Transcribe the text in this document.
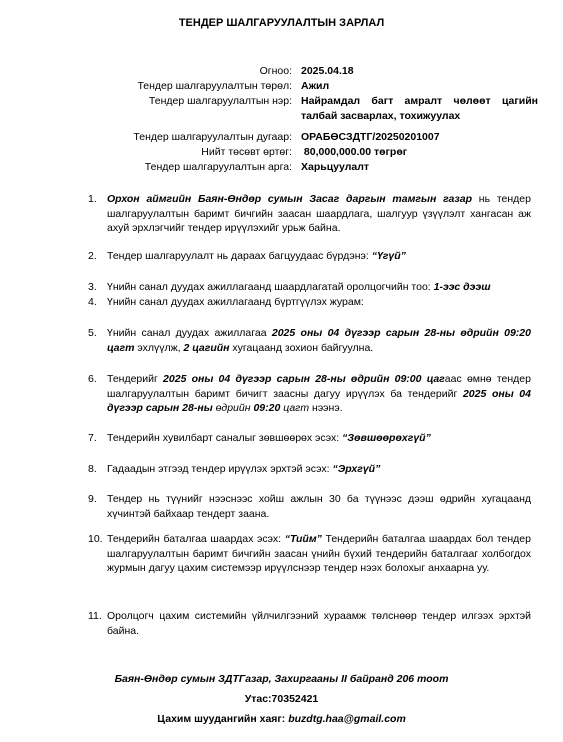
ТЕНДЕР ШАЛГАРУУЛАЛТЫН ЗАРЛАЛ
Огноо: 2025.04.18
Тендер шалгаруулалтын төрөл: Ажил
Тендер шалгаруулалтын нэр: Найрамдал багт амралт чөлөөт цагийн талбай засварлах, тохижуулах
Тендер шалгаруулалтын дугаар: ОРАБӨСЗДТГ/20250201007
Нийт төсөвт өртөг: 80,000,000.00 төгрөг
Тендер шалгаруулалтын арга: Харьцуулалт
1. Орхон аймгийн Баян-Өндөр сумын Засаг даргын тамгын газар нь тендер шалгаруулалтын баримт бичгийн заасан шаардлага, шалгуур үзүүлэлт хангасан аж ахуй эрхлэгчийг тендер ирүүлэхийг урьж байна.
2. Тендер шалгаруулалт нь дараах багцуудаас бүрдэнэ: “Үгүй”
3. Үнийн санал дуудах ажиллагаанд шаардлагатай оролцогчийн тоо: 1-ээс дээш
4. Үнийн санал дуудах ажиллагаанд бүртгүүлэх журам:
5. Үнийн санал дуудах ажиллагаа 2025 оны 04 дүгээр сарын 28-ны өдрийн 09:20 цагт эхлүүлж, 2 цагийн хугацаанд зохион байгуулна.
6. Тендерийг 2025 оны 04 дүгээр сарын 28-ны өдрийн 09:00 цагаас өмнө тендер шалгаруулалтын баримт бичигт заасны дагуу ирүүлэх ба тендерийг 2025 оны 04 дүгээр сарын 28-ны өдрийн 09:20 цагт нээнэ.
7. Тендерийн хувилбарт саналыг зөвшөөрөх эсэх: “Зөвшөөрөхгүй”
8. Гадаадын этгээд тендер ирүүлэх эрхтэй эсэх: “Эрхгүй”
9. Тендер нь түүнийг нээснээс хойш ажлын 30 ба түүнээс дээш өдрийн хугацаанд хүчинтэй байхаар тендерт заана.
10. Тендерийн баталгаа шаардах эсэх: “Тийм” Тендерийн баталгаа шаардах бол тендер шалгаруулалтын баримт бичгийн заасан үнийн бүхий тендерийн баталгааг холбогдох журмын дагуу цахим системээр ирүүлснээр тендер нээх болохыг анхаарна уу.
11. Оролцогч цахим системийн үйлчилгээний хураамж төлснөөр тендер илгээх эрхтэй байна.
Баян-Өндөр сумын ЗДТГазар, Захиргааны II байранд 206 тоот
Утас:70352421
Цахим шуудангийн хаяг: buzdtg.haa@gmail.com
